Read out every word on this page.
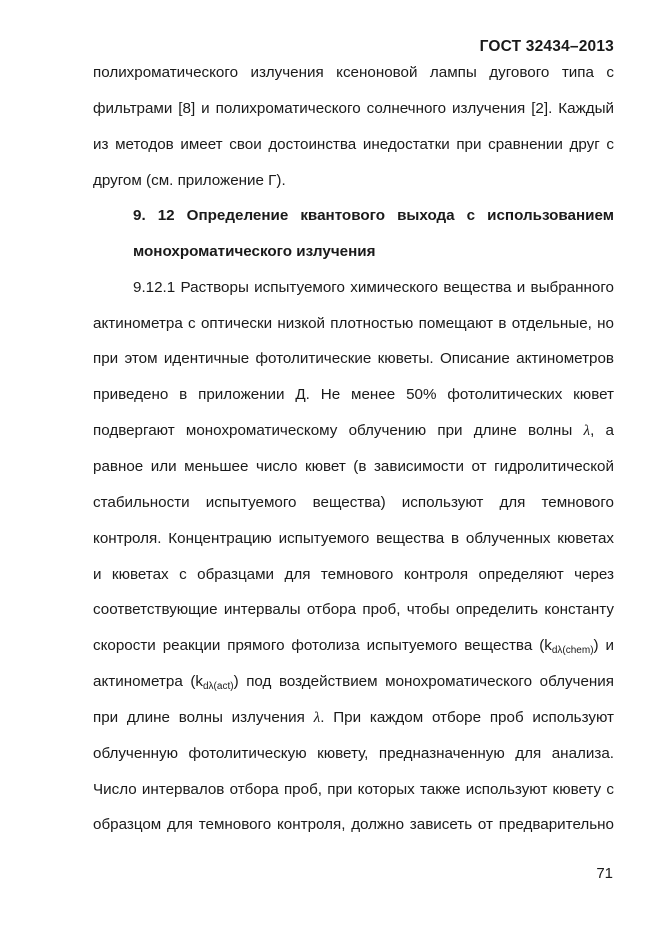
ГОСТ 32434–2013
полихроматического излучения ксеноновой лампы дугового типа с
фильтрами [8] и полихроматического солнечного излучения [2]. Каждый
из методов имеет свои достоинства инедостатки при сравнении друг с
другом (см. приложение Г).
9. 12 Определение квантового выхода с использованием
монохроматического излучения
9.12.1 Растворы испытуемого химического вещества и выбранного
актинометра с оптически низкой плотностью помещают в отдельные, но
при этом идентичные фотолитические кюветы. Описание актинометров
приведено в приложении Д. Не менее 50% фотолитических кювет
подвергают монохроматическому облучению при длине волны λ, а
равное или меньшее число кювет (в зависимости от гидролитической
стабильности испытуемого вещества) используют для темнового
контроля. Концентрацию испытуемого вещества в облученных кюветах
и кюветах с образцами для темнового контроля определяют через
соответствующие интервалы отбора проб, чтобы определить константу
скорости реакции прямого фотолиза испытуемого вещества $(k_{d\lambda(chem)})$ и
актинометра $(k_{d\lambda(act)})$ под воздействием монохроматического облучения
при длине волны излучения λ. При каждом отборе проб используют
облученную фотолитическую кювету, предназначенную для анализа.
Число интервалов отбора проб, при которых также используют кювету с
образцом для темнового контроля, должно зависеть от предварительно
71
